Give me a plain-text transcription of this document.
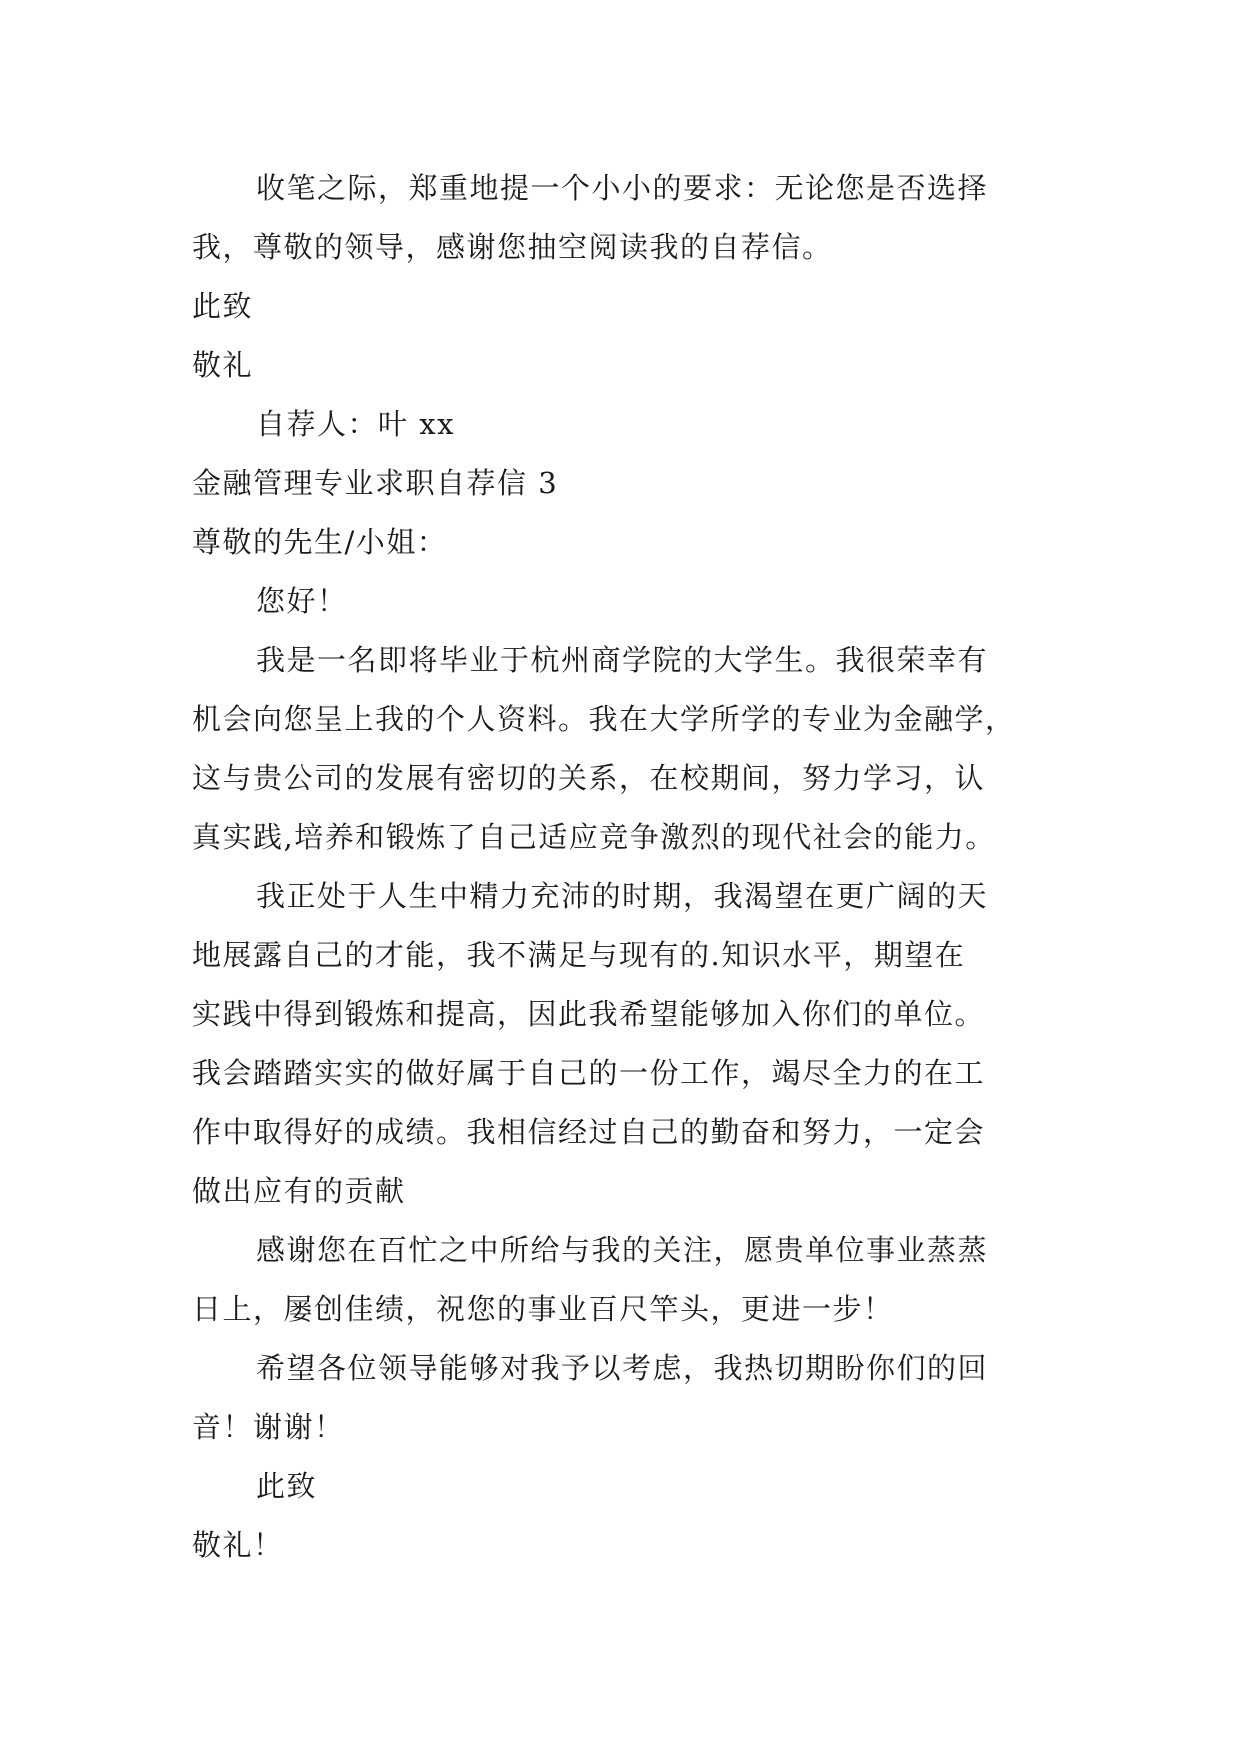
收笔之际，郑重地提一个小小的要求：无论您是否选择
我，尊敬的领导，感谢您抽空阅读我的自荐信。
此致
敬礼
自荐人：叶 xx
金融管理专业求职自荐信 3
尊敬的先生/小姐：
您好！
我是一名即将毕业于杭州商学院的大学生。我很荣幸有
机会向您呈上我的个人资料。我在大学所学的专业为金融学，
这与贵公司的发展有密切的关系，在校期间，努力学习，认
真实践,培养和锻炼了自己适应竞争激烈的现代社会的能力。
我正处于人生中精力充沛的时期，我渴望在更广阔的天
地展露自己的才能，我不满足与现有的.知识水平，期望在
实践中得到锻炼和提高，因此我希望能够加入你们的单位。
我会踏踏实实的做好属于自己的一份工作，竭尽全力的在工
作中取得好的成绩。我相信经过自己的勤奋和努力，一定会
做出应有的贡献
感谢您在百忙之中所给与我的关注，愿贵单位事业蒸蒸
日上，屡创佳绩，祝您的事业百尺竿头，更进一步！
希望各位领导能够对我予以考虑，我热切期盼你们的回
音！谢谢！
此致
敬礼！
